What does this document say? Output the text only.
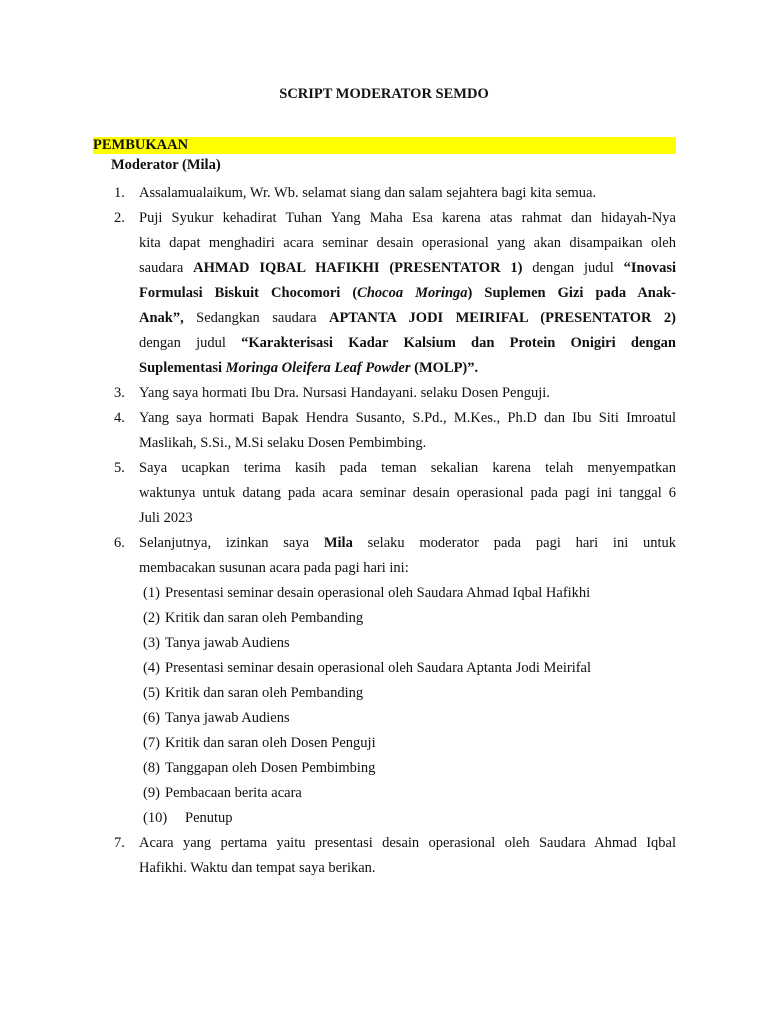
SCRIPT MODERATOR SEMDO
PEMBUKAAN
Moderator (Mila)
1. Assalamualaikum, Wr. Wb. selamat siang dan salam sejahtera bagi kita semua.
2. Puji Syukur kehadirat Tuhan Yang Maha Esa karena atas rahmat dan hidayah-Nya
kita dapat menghadiri acara seminar desain operasional yang akan disampaikan oleh
saudara AHMAD IQBAL HAFIKHI (PRESENTATOR 1) dengan judul “Inovasi
Formulasi Biskuit Chocomori (Chocoa Moringa) Suplemen Gizi pada Anak-
Anak”, Sedangkan saudara APTANTA JODI MEIRIFAL (PRESENTATOR 2)
dengan judul “Karakterisasi Kadar Kalsium dan Protein Onigiri dengan
Suplementasi Moringa Oleifera Leaf Powder (MOLP)”.
3. Yang saya hormati Ibu Dra. Nursasi Handayani. selaku Dosen Penguji.
4. Yang saya hormati Bapak Hendra Susanto, S.Pd., M.Kes., Ph.D dan Ibu Siti Imroatul
Maslikah, S.Si., M.Si selaku Dosen Pembimbing.
5. Saya ucapkan terima kasih pada teman sekalian karena telah menyempatkan
waktunya untuk datang pada acara seminar desain operasional pada pagi ini tanggal 6
Juli 2023
6. Selanjutnya, izinkan saya Mila selaku moderator pada pagi hari ini untuk
membacakan susunan acara pada pagi hari ini:
(1) Presentasi seminar desain operasional oleh Saudara Ahmad Iqbal Hafikhi
(2) Kritik dan saran oleh Pembanding
(3) Tanya jawab Audiens
(4) Presentasi seminar desain operasional oleh Saudara Aptanta Jodi Meirifal
(5) Kritik dan saran oleh Pembanding
(6) Tanya jawab Audiens
(7) Kritik dan saran oleh Dosen Penguji
(8) Tanggapan oleh Dosen Pembimbing
(9) Pembacaan berita acara
(10) Penutup
7. Acara yang pertama yaitu presentasi desain operasional oleh Saudara Ahmad Iqbal
Hafikhi. Waktu dan tempat saya berikan.
